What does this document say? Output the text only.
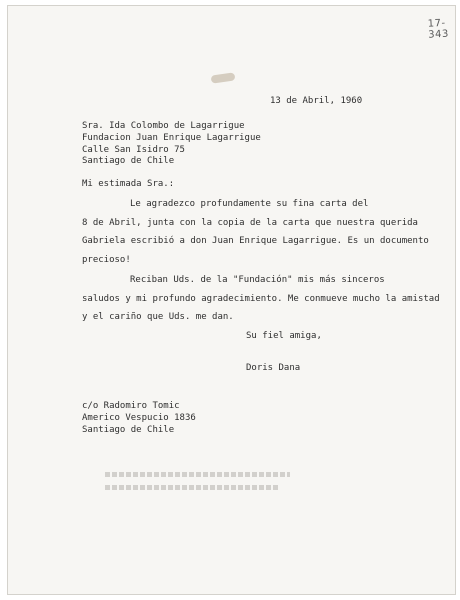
17-343
13 de Abril, 1960
Sra. Ida Colombo de Lagarrigue
Fundacion Juan Enrique Lagarrigue
Calle San Isidro 75
Santiago de Chile
Mi estimada Sra.:
Le agradezco profundamente su fina carta del
8 de Abril, junta con la copia de la carta que nuestra querida
Gabriela escribió a don Juan Enrique Lagarrigue. Es un documento
precioso!
Reciban Uds. de la "Fundación" mis más sinceros
saludos y mi profundo agradecimiento. Me conmueve mucho la amistad
y el cariño que Uds. me dan.
Su fiel amiga,
Doris Dana
c/o Radomiro Tomic
Americo Vespucio 1836
Santiago de Chile
